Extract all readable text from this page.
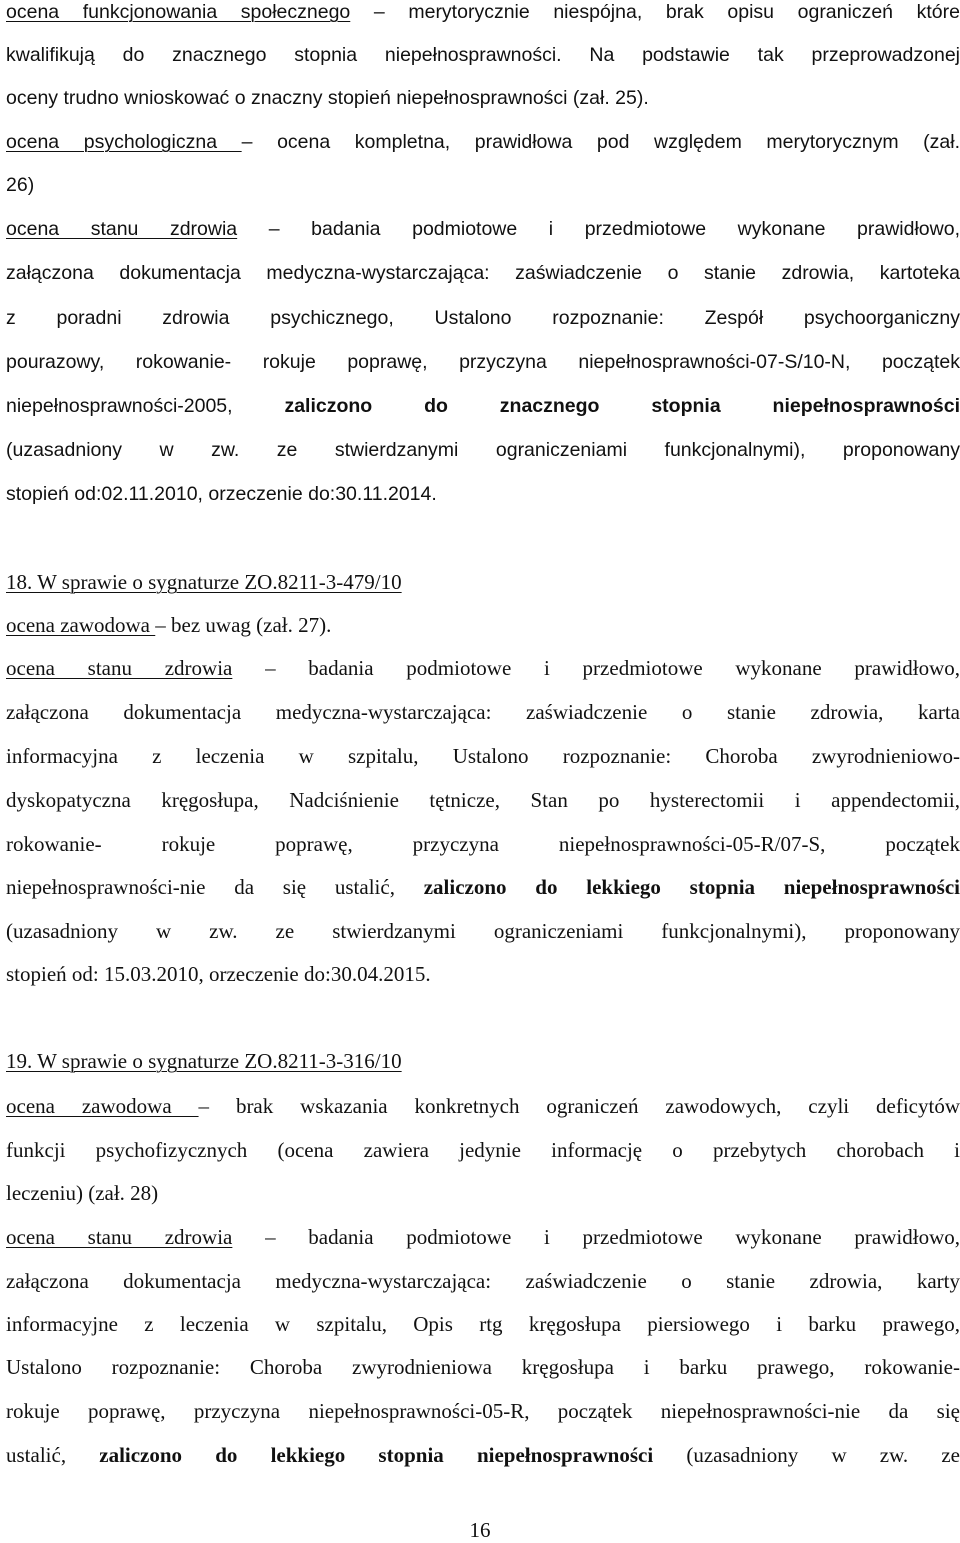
ocena funkcjonowania społecznego – merytorycznie niespójna, brak opisu ograniczeń które
kwalifikują do znacznego stopnia niepełnosprawności. Na podstawie tak przeprowadzonej
oceny trudno wnioskować o znaczny stopień niepełnosprawności (zał. 25).
ocena psychologiczna – ocena kompletna, prawidłowa pod względem merytorycznym (zał.
26)
ocena stanu zdrowia – badania podmiotowe i przedmiotowe wykonane prawidłowo,
załączona dokumentacja medyczna-wystarczająca: zaświadczenie o stanie zdrowia, kartoteka
z poradni zdrowia psychicznego, Ustalono rozpoznanie: Zespół psychoorganiczny
pourazowy, rokowanie- rokuje poprawę, przyczyna niepełnosprawności-07-S/10-N, początek
niepełnosprawności-2005, zaliczono do znacznego stopnia niepełnosprawności
(uzasadniony w zw. ze stwierdzanymi ograniczeniami funkcjonalnymi), proponowany
stopień od:02.11.2010, orzeczenie do:30.11.2014.
18. W sprawie o sygnaturze ZO.8211-3-479/10
ocena zawodowa – bez uwag (zał. 27).
ocena stanu zdrowia – badania podmiotowe i przedmiotowe wykonane prawidłowo,
załączona dokumentacja medyczna-wystarczająca: zaświadczenie o stanie zdrowia, karta
informacyjna z leczenia w szpitalu, Ustalono rozpoznanie: Choroba zwyrodnieniowo-
dyskopatyczna kręgosłupa, Nadciśnienie tętnicze, Stan po hysterectomii i appendectomii,
rokowanie- rokuje poprawę, przyczyna niepełnosprawności-05-R/07-S, początek
niepełnosprawności-nie da się ustalić, zaliczono do lekkiego stopnia niepełnosprawności
(uzasadniony w zw. ze stwierdzanymi ograniczeniami funkcjonalnymi), proponowany
stopień od: 15.03.2010, orzeczenie do:30.04.2015.
19. W sprawie o sygnaturze ZO.8211-3-316/10
ocena zawodowa – brak wskazania konkretnych ograniczeń zawodowych, czyli deficytów
funkcji psychofizycznych (ocena zawiera jedynie informację o przebytych chorobach i
leczeniu) (zał. 28)
ocena stanu zdrowia – badania podmiotowe i przedmiotowe wykonane prawidłowo,
załączona dokumentacja medyczna-wystarczająca: zaświadczenie o stanie zdrowia, karty
informacyjne z leczenia w szpitalu, Opis rtg kręgosłupa piersiowego i barku prawego,
Ustalono rozpoznanie: Choroba zwyrodnieniowa kręgosłupa i barku prawego, rokowanie-
rokuje poprawę, przyczyna niepełnosprawności-05-R, początek niepełnosprawności-nie da się
ustalić, zaliczono do lekkiego stopnia niepełnosprawności (uzasadniony w zw. ze
16
